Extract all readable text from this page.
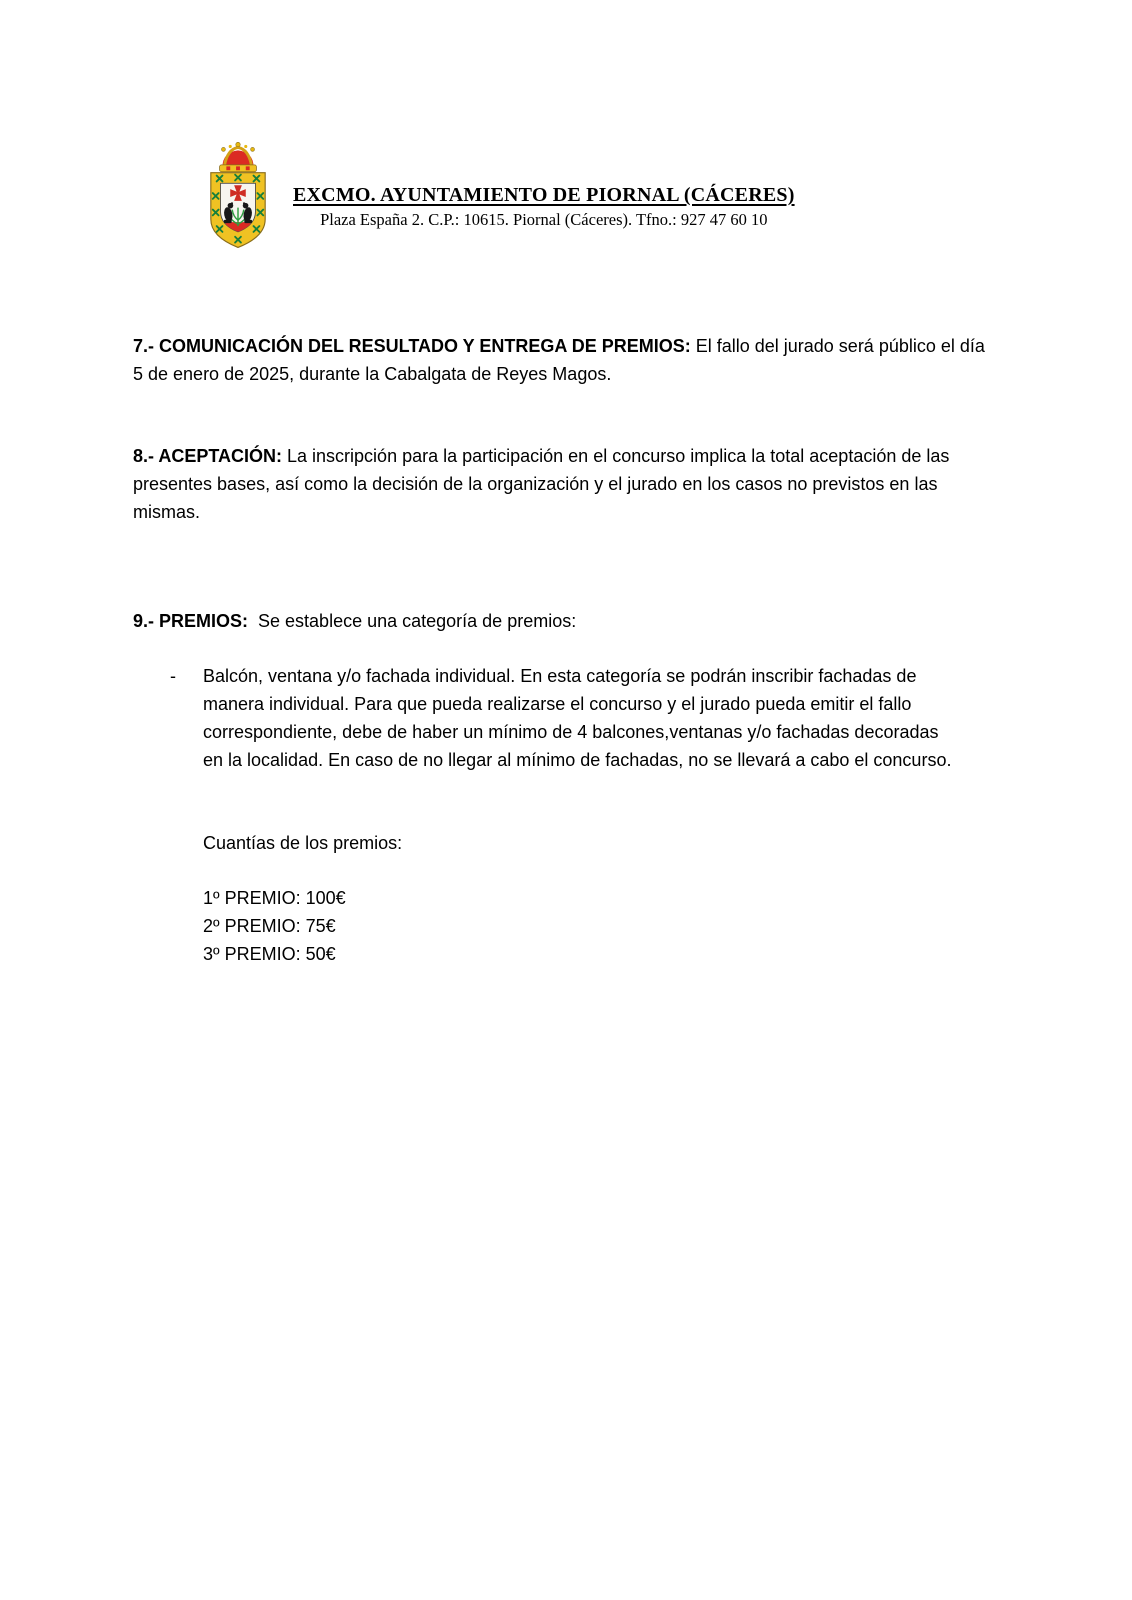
EXCMO. AYUNTAMIENTO DE PIORNAL (CÁCERES)
Plaza España 2. C.P.: 10615. Piornal (Cáceres). Tfno.: 927 47 60 10

7.- COMUNICACIÓN DEL RESULTADO Y ENTREGA DE PREMIOS: El fallo del jurado será público el día 5 de enero de 2025, durante la Cabalgata de Reyes Magos.

8.- ACEPTACIÓN: La inscripción para la participación en el concurso implica la total aceptación de las presentes bases, así como la decisión de la organización y el jurado en los casos no previstos en las mismas.

9.- PREMIOS:  Se establece una categoría de premios:

-	Balcón, ventana y/o fachada individual. En esta categoría se podrán inscribir fachadas de manera individual. Para que pueda realizarse el concurso y el jurado pueda emitir el fallo correspondiente, debe de haber un mínimo de 4 balcones,ventanas y/o fachadas decoradas en la localidad. En caso de no llegar al mínimo de fachadas, no se llevará a cabo el concurso.

Cuantías de los premios:

1º PREMIO: 100€
2º PREMIO: 75€
3º PREMIO: 50€
